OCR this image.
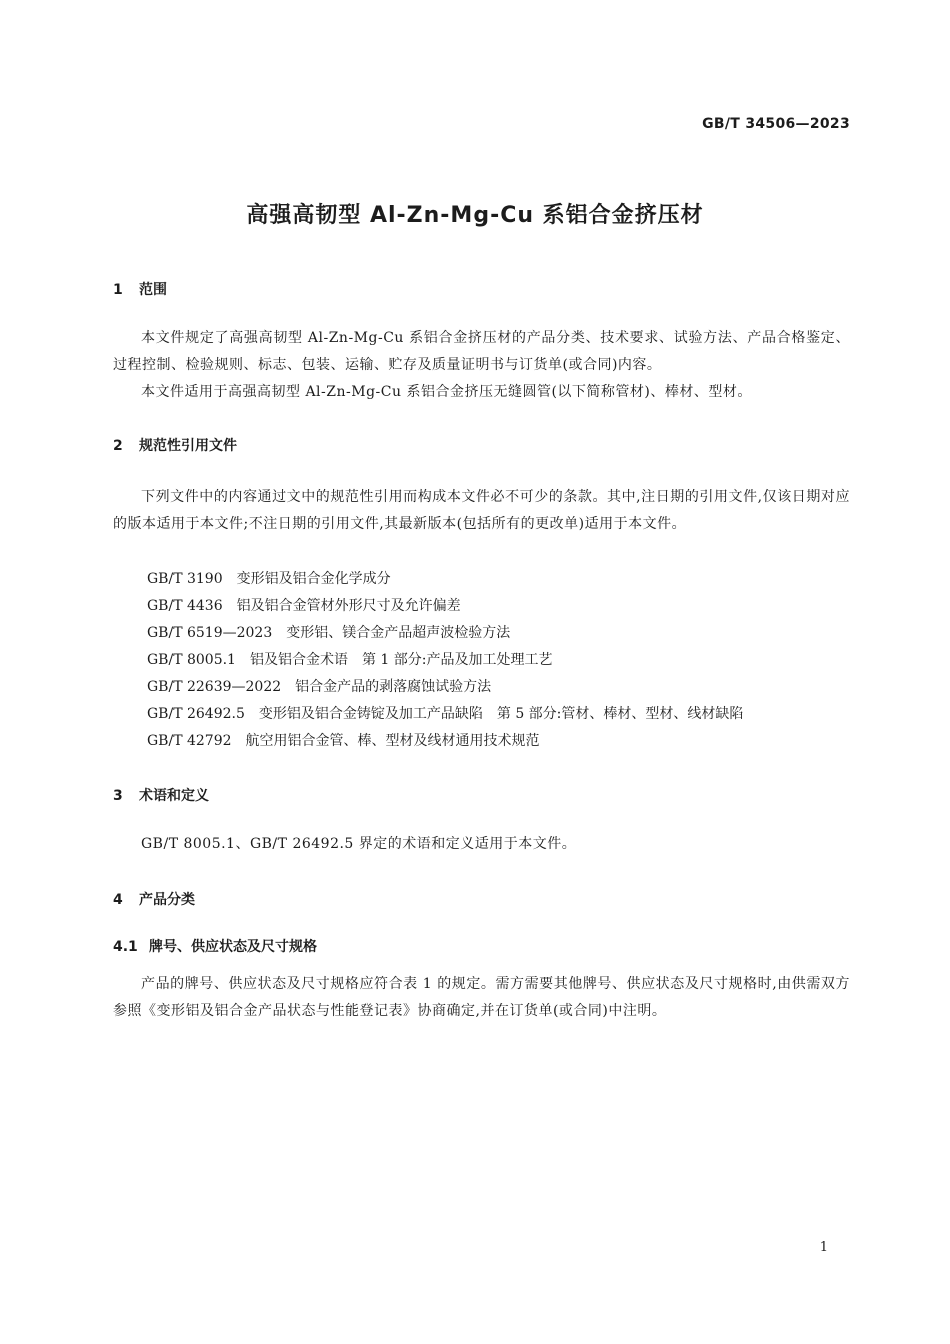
GB/T 34506—2023
高强高韧型 Al-Zn-Mg-Cu 系铝合金挤压材
1 范围

本文件规定了高强高韧型 Al-Zn-Mg-Cu 系铝合金挤压材的产品分类、技术要求、试验方法、产品合格鉴定、过程控制、检验规则、标志、包装、运输、贮存及质量证明书与订货单(或合同)内容。

本文件适用于高强高韧型 Al-Zn-Mg-Cu 系铝合金挤压无缝圆管(以下简称管材)、棒材、型材。

2 规范性引用文件

下列文件中的内容通过文中的规范性引用而构成本文件必不可少的条款。其中,注日期的引用文件,仅该日期对应的版本适用于本文件;不注日期的引用文件,其最新版本(包括所有的更改单)适用于本文件。

GB/T 3190 变形铝及铝合金化学成分
GB/T 4436 铝及铝合金管材外形尺寸及允许偏差
GB/T 6519—2023 变形铝、镁合金产品超声波检验方法
GB/T 8005.1 铝及铝合金术语　第 1 部分:产品及加工处理工艺
GB/T 22639—2022 铝合金产品的剥落腐蚀试验方法
GB/T 26492.5 变形铝及铝合金铸锭及加工产品缺陷　第 5 部分:管材、棒材、型材、线材缺陷
GB/T 42792 航空用铝合金管、棒、型材及线材通用技术规范
3 术语和定义

GB/T 8005.1、GB/T 26492.5 界定的术语和定义适用于本文件。

4 产品分类
4.1 牌号、供应状态及尺寸规格

产品的牌号、供应状态及尺寸规格应符合表 1 的规定。需方需要其他牌号、供应状态及尺寸规格时,由供需双方参照《变形铝及铝合金产品状态与性能登记表》协商确定,并在订货单(或合同)中注明。

1
